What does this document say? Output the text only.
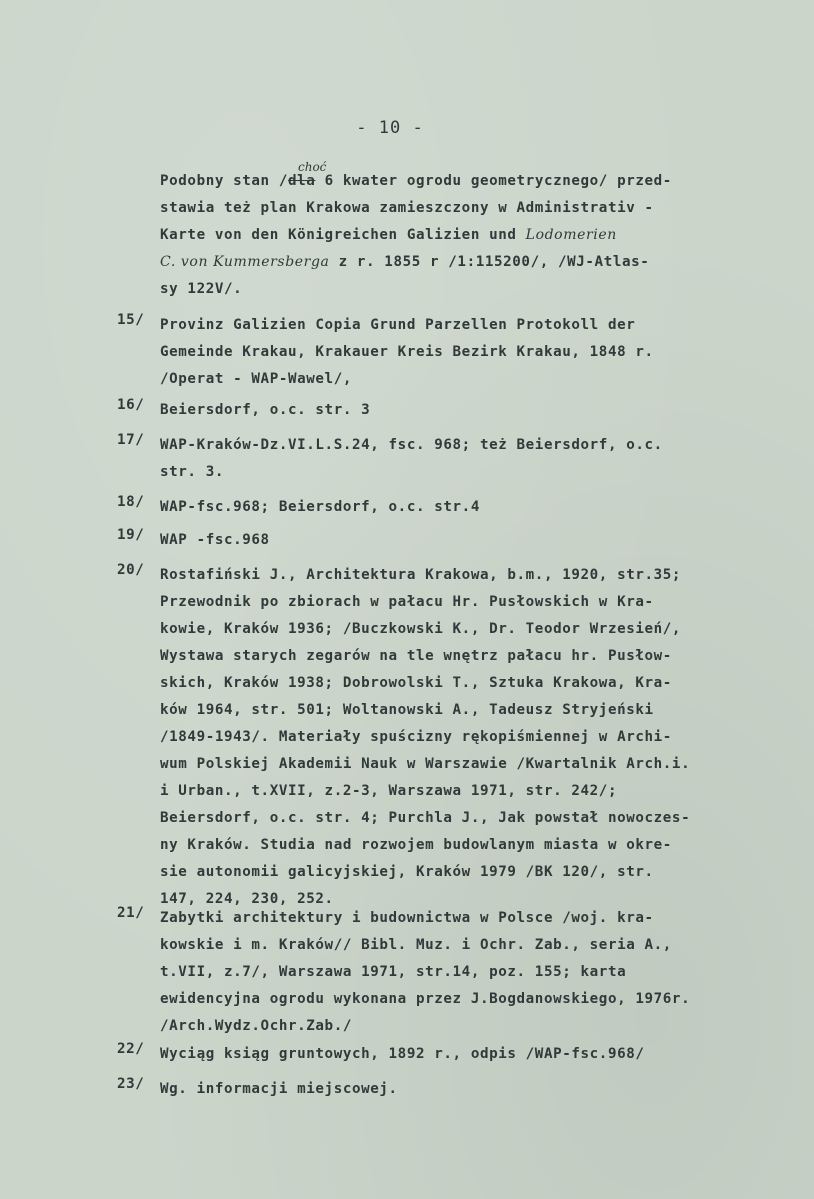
- 10 -
choć
Podobny stan /dla 6 kwater ogrodu geometrycznego/ przed-
stawia też plan Krakowa zamieszczony w Administrativ -
Karte von den Königreichen Galizien und Lodomerien
C. von Kummersberga z r. 1855 r /1:115200/, /WJ-Atlas-
sy 122V/.
15/ Provinz Galizien Copia Grund Parzellen Protokoll der
Gemeinde Krakau, Krakauer Kreis Bezirk Krakau, 1848 r.
/Operat - WAP-Wawel/,
16/ Beiersdorf, o.c. str. 3
17/ WAP-Kraków-Dz.VI.L.S.24, fsc. 968; też Beiersdorf, o.c.
str. 3.
18/ WAP-fsc.968; Beiersdorf, o.c. str.4
19/ WAP -fsc.968
20/ Rostafiński J., Architektura Krakowa, b.m., 1920, str.35;
Przewodnik po zbiorach w pałacu Hr. Pusłowskich w Kra-
kowie, Kraków 1936; /Buczkowski K., Dr. Teodor Wrzesień/,
Wystawa starych zegarów na tle wnętrz pałacu hr. Pusłow-
skich, Kraków 1938; Dobrowolski T., Sztuka Krakowa, Kra-
ków 1964, str. 501; Woltanowski A., Tadeusz Stryjeński
/1849-1943/. Materiały spuścizny rękopiśmiennej w Archi-
wum Polskiej Akademii Nauk w Warszawie /Kwartalnik Arch.i.
i Urban., t.XVII, z.2-3, Warszawa 1971, str. 242/;
Beiersdorf, o.c. str. 4; Purchla J., Jak powstał nowoczes-
ny Kraków. Studia nad rozwojem budowlanym miasta w okre-
sie autonomii galicyjskiej, Kraków 1979 /BK 120/, str.
147, 224, 230, 252.
21/ Zabytki architektury i budownictwa w Polsce /woj. kra-
kowskie i m. Kraków// Bibl. Muz. i Ochr. Zab., seria A.,
t.VII, z.7/, Warszawa 1971, str.14, poz. 155; karta
ewidencyjna ogrodu wykonana przez J.Bogdanowskiego, 1976r.
/Arch.Wydz.Ochr.Zab./
22/ Wyciąg ksiąg gruntowych, 1892 r., odpis /WAP-fsc.968/
23/ Wg. informacji miejscowej.
